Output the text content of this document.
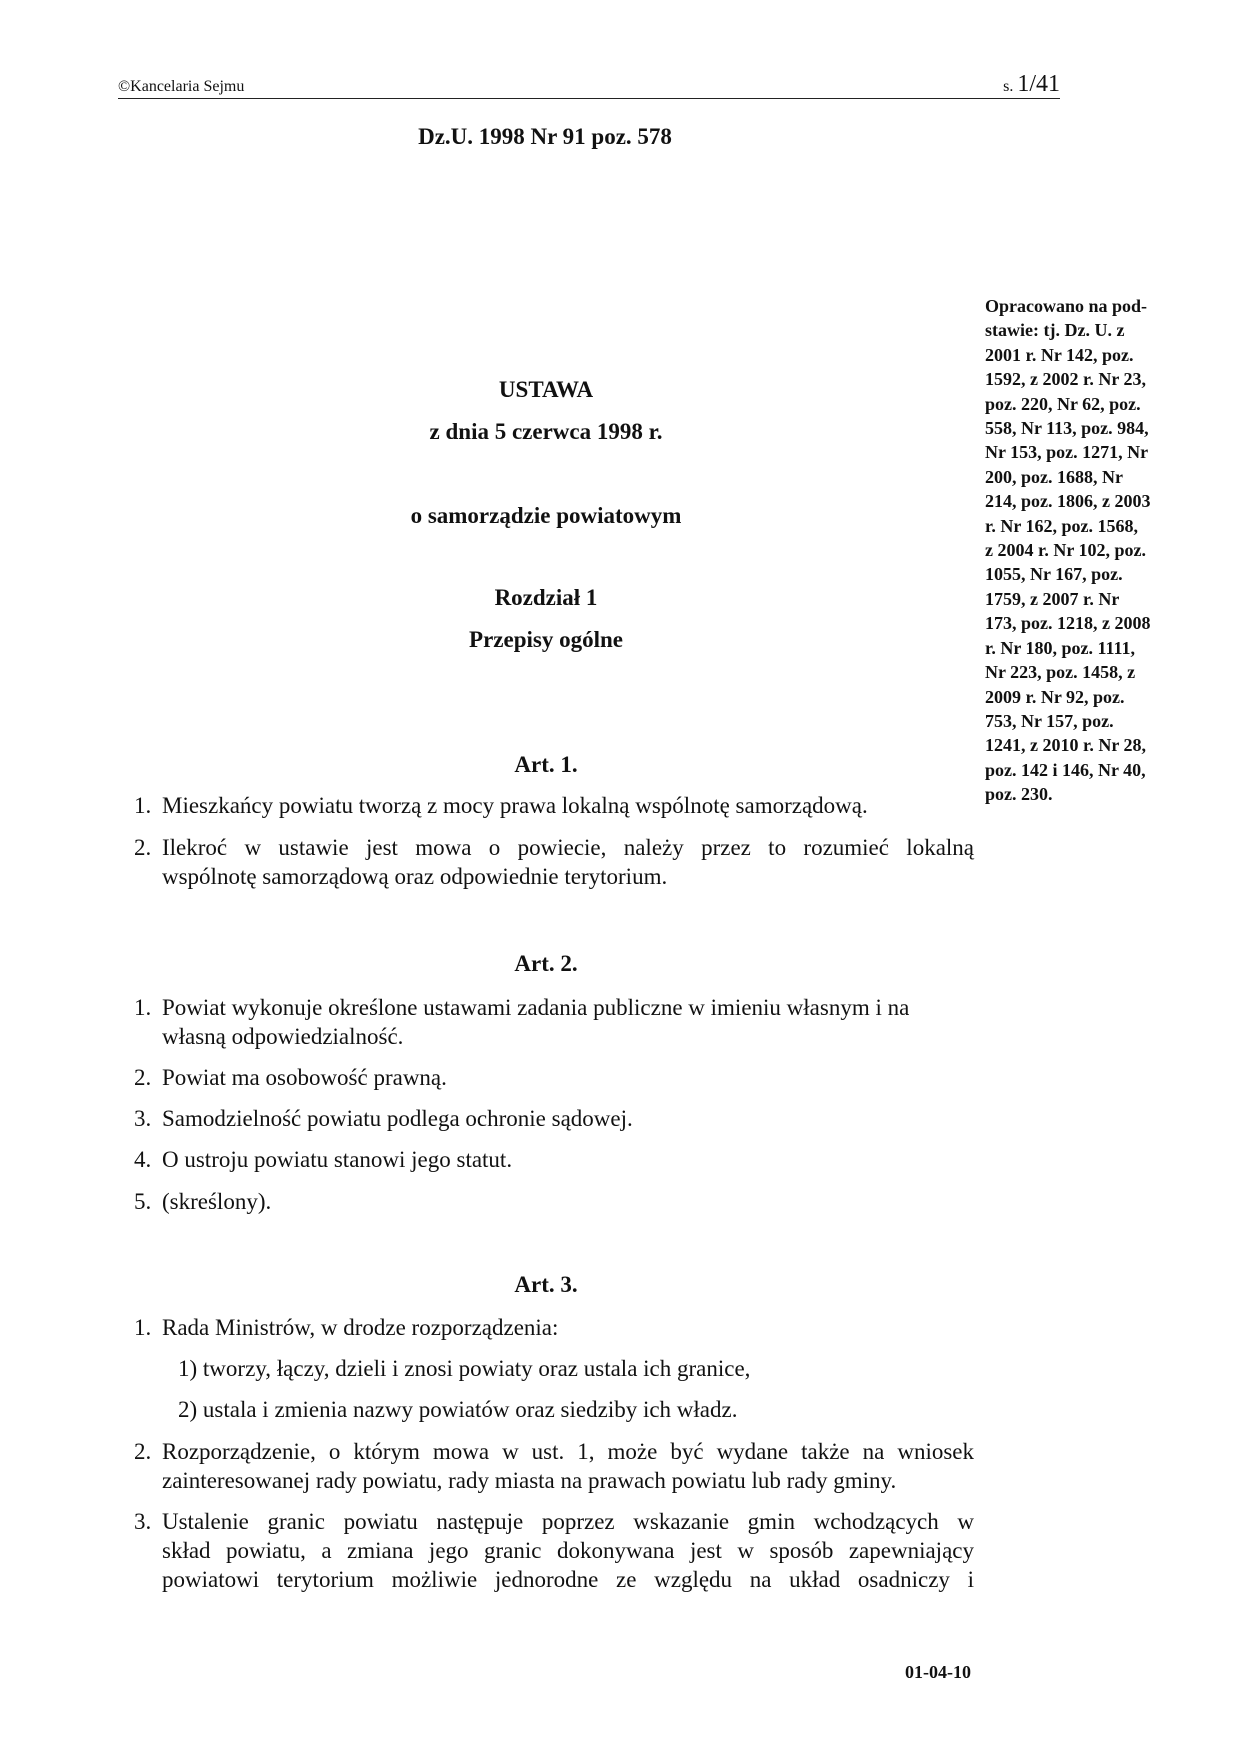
©Kancelaria Sejmu	s. 1/41
Dz.U. 1998 Nr 91 poz. 578
Opracowano na pod-
stawie: tj. Dz. U. z
2001 r. Nr 142, poz.
1592, z 2002 r. Nr 23,
poz. 220, Nr 62, poz.
558, Nr 113, poz. 984,
Nr 153, poz. 1271, Nr
200, poz. 1688, Nr
214, poz. 1806, z 2003
r. Nr 162, poz. 1568,
z 2004 r. Nr 102, poz.
1055, Nr 167, poz.
1759, z 2007 r. Nr
173, poz. 1218, z 2008
r. Nr 180, poz. 1111,
Nr 223, poz. 1458, z
2009 r. Nr 92, poz.
753, Nr 157, poz.
1241, z 2010 r. Nr 28,
poz. 142 i 146, Nr 40,
poz. 230.
USTAWA
z dnia 5 czerwca 1998 r.
o samorządzie powiatowym
Rozdział 1
Przepisy ogólne
Art. 1.
1. Mieszkańcy powiatu tworzą z mocy prawa lokalną wspólnotę samorządową.
2. Ilekroć w ustawie jest mowa o powiecie, należy przez to rozumieć lokalną
wspólnotę samorządową oraz odpowiednie terytorium.
Art. 2.
1. Powiat wykonuje określone ustawami zadania publiczne w imieniu własnym i na
własną odpowiedzialność.
2. Powiat ma osobowość prawną.
3. Samodzielność powiatu podlega ochronie sądowej.
4. O ustroju powiatu stanowi jego statut.
5. (skreślony).
Art. 3.
1. Rada Ministrów, w drodze rozporządzenia:
1) tworzy, łączy, dzieli i znosi powiaty oraz ustala ich granice,
2) ustala i zmienia nazwy powiatów oraz siedziby ich władz.
2. Rozporządzenie, o którym mowa w ust. 1, może być wydane także na wniosek
zainteresowanej rady powiatu, rady miasta na prawach powiatu lub rady gminy.
3. Ustalenie granic powiatu następuje poprzez wskazanie gmin wchodzących w
skład powiatu, a zmiana jego granic dokonywana jest w sposób zapewniający
powiatowi terytorium możliwie jednorodne ze względu na układ osadniczy i
01-04-10
